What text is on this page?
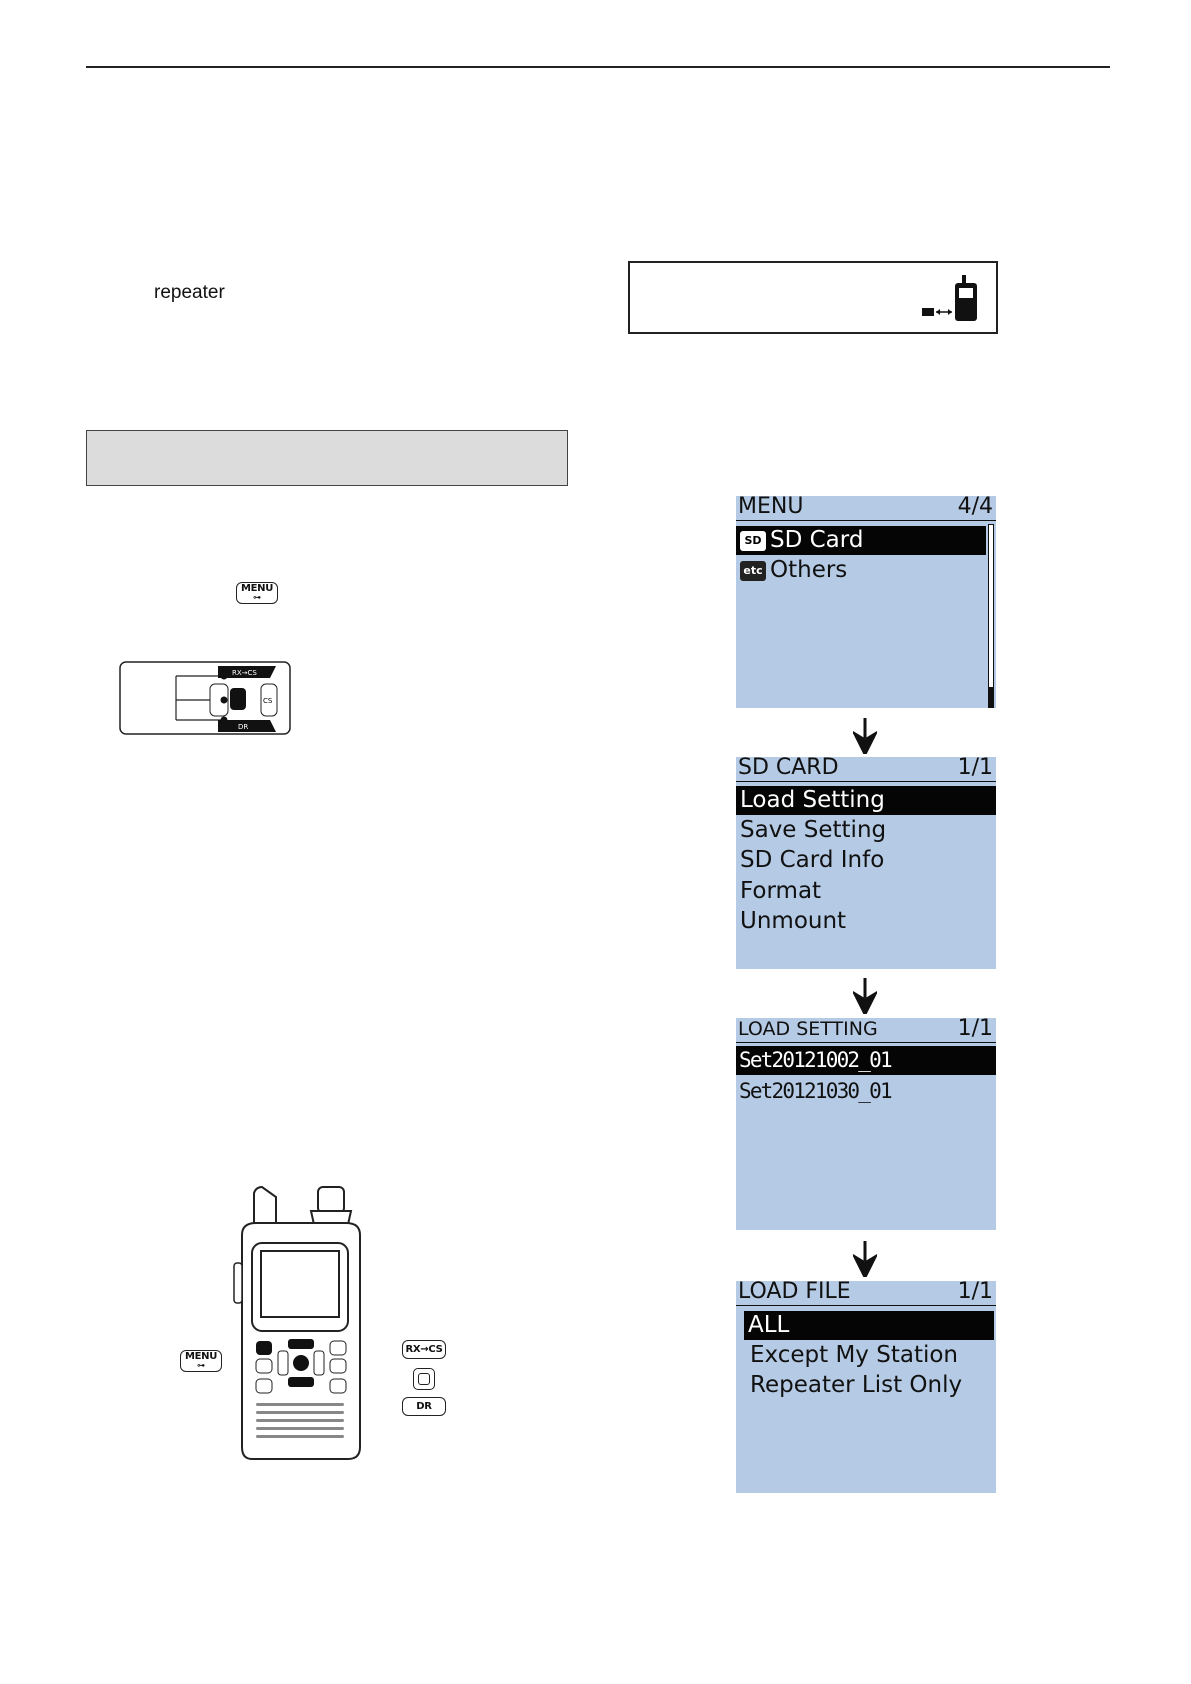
repeater
MENU
⊶
RX→CS
DR
CS
MENU
⊶
RX→CS
DR
MENU	4/4
SD SD Card
etc Others
SD CARD	1/1
Load Setting
Save Setting
SD Card Info
Format
Unmount
LOAD SETTING	1/1
Set20121002_01
Set20121030_01
LOAD FILE	1/1
ALL
Except My Station
Repeater List Only
